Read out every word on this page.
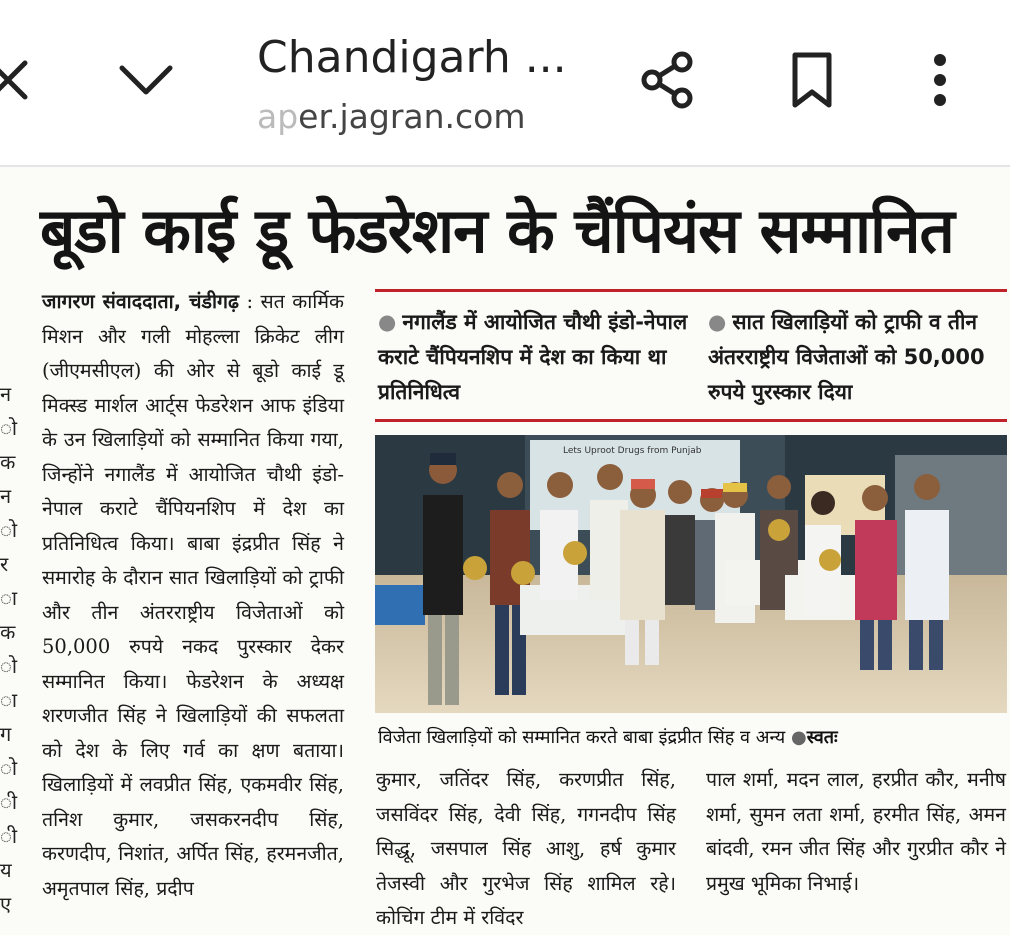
Chandigarh ...
aper.jagran.com
बूडो काई डू फेडरेशन के चैंपियंस सम्मानित
न
ो
क
न
ो
र
ा
क
ो
ा
ग
ो
ी
ी
य
ए
जागरण संवाददाता, चंडीगढ़ : सत कार्मिक मिशन और गली मोहल्ला क्रिकेट लीग (जीएमसीएल) की ओर से बूडो काई डू मिक्स्ड मार्शल आर्ट्स फेडरेशन आफ इंडिया के उन खिलाड़ियों को सम्मानित किया गया, जिन्होंने नगालैंड में आयोजित चौथी इंडो-नेपाल कराटे चैंपियनशिप में देश का प्रतिनिधित्व किया। बाबा इंद्रप्रीत सिंह ने समारोह के दौरान सात खिलाड़ियों को ट्राफी और तीन अंतरराष्ट्रीय विजेताओं को 50,000 रुपये नकद पुरस्कार देकर सम्मानित किया। फेडरेशन के अध्यक्ष शरणजीत सिंह ने खिलाड़ियों की सफलता को देश के लिए गर्व का क्षण बताया। खिलाड़ियों में लवप्रीत सिंह, एकमवीर सिंह, तनिश कुमार, जसकरनदीप सिंह, करणदीप, निशांत, अर्पित सिंह, हरमनजीत, अमृतपाल सिंह, प्रदीप
● नगालैंड में आयोजित चौथी इंडो-नेपाल कराटे चैंपियनशिप में देश का किया था प्रतिनिधित्व
● सात खिलाड़ियों को ट्राफी व तीन अंतरराष्ट्रीय विजेताओं को 50,000 रुपये पुरस्कार दिया
Lets Uproot Drugs from Punjab
विजेता खिलाड़ियों को सम्मानित करते बाबा इंद्रप्रीत सिंह व अन्य ●स्वतः
कुमार, जतिंदर सिंह, करणप्रीत सिंह, जसविंदर सिंह, देवी सिंह, गगनदीप सिंह सिद्धू, जसपाल सिंह आशु, हर्ष कुमार तेजस्वी और गुरभेज सिंह शामिल रहे। कोचिंग टीम में रविंदर
पाल शर्मा, मदन लाल, हरप्रीत कौर, मनीष शर्मा, सुमन लता शर्मा, हरमीत सिंह, अमन बांदवी, रमन जीत सिंह और गुरप्रीत कौर ने प्रमुख भूमिका निभाई।
